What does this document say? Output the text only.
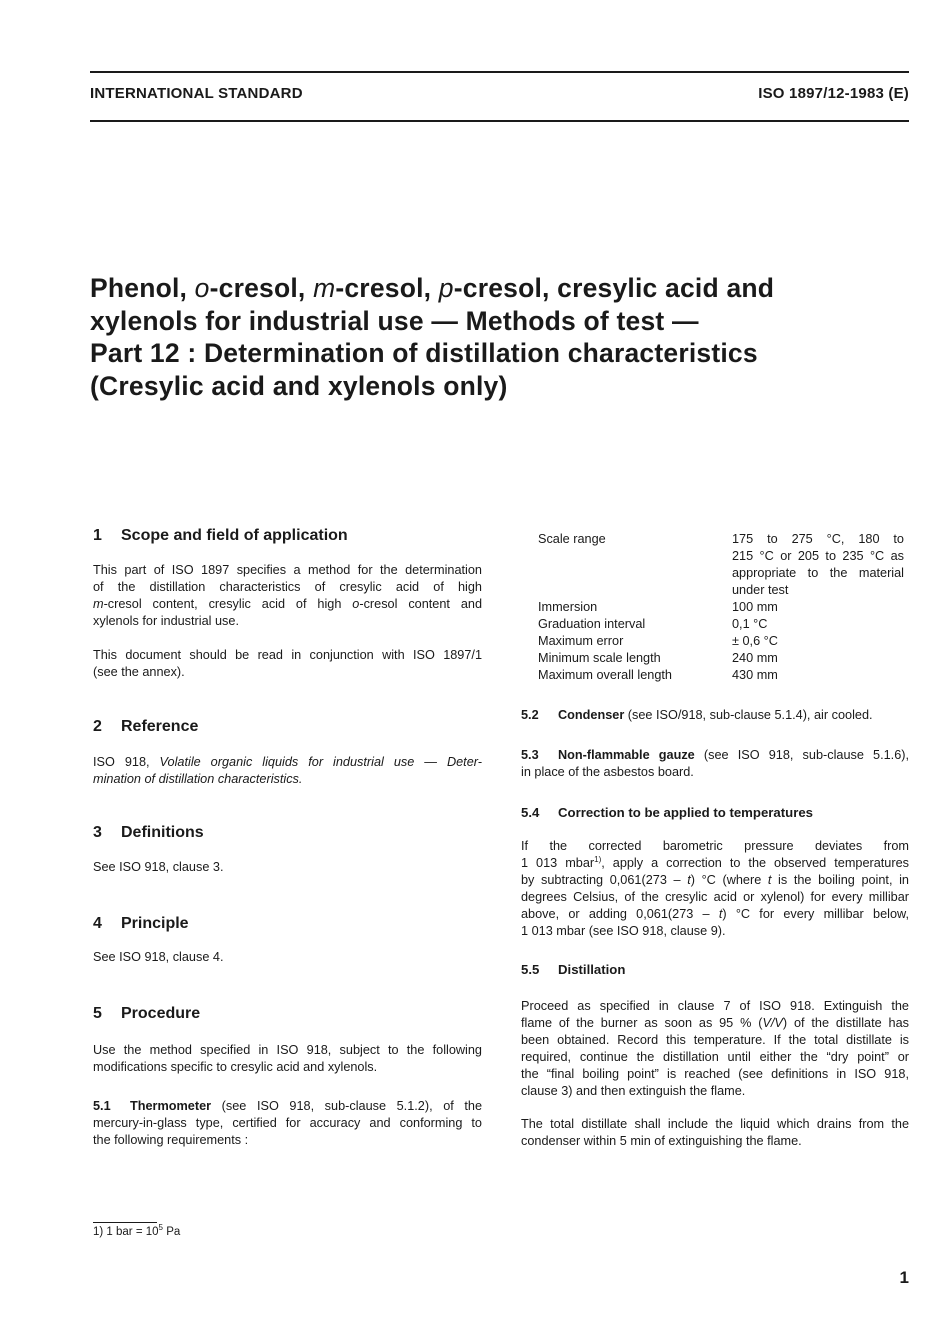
INTERNATIONAL STANDARD	ISO 1897/12-1983 (E)
Phenol, o-cresol, m-cresol, p-cresol, cresylic acid and
xylenols for industrial use — Methods of test —
Part 12 : Determination of distillation characteristics
(Cresylic acid and xylenols only)
1 Scope and field of application
This part of ISO 1897 specifies a method for the determination
of the distillation characteristics of cresylic acid of high
m-cresol content, cresylic acid of high o-cresol content and
xylenols for industrial use.
This document should be read in conjunction with ISO 1897/1
(see the annex).
2 Reference
ISO 918, Volatile organic liquids for industrial use — Deter-
mination of distillation characteristics.
3 Definitions
See ISO 918, clause 3.
4 Principle
See ISO 918, clause 4.
5 Procedure
Use the method specified in ISO 918, subject to the following
modifications specific to cresylic acid and xylenols.
5.1 Thermometer (see ISO 918, sub-clause 5.1.2), of the
mercury-in-glass type, certified for accuracy and conforming to
the following requirements :
1) 1 bar = $10^5$ Pa
Scale range	175 to 275 °C, 180 to
215 °C or 205 to 235 °C as
appropriate to the material
under test
Immersion	100 mm
Graduation interval	0,1 °C
Maximum error	± 0,6 °C
Minimum scale length	240 mm
Maximum overall length	430 mm
5.2 Condenser (see ISO/918, sub-clause 5.1.4), air cooled.
5.3 Non-flammable gauze (see ISO 918, sub-clause 5.1.6),
in place of the asbestos board.
5.4 Correction to be applied to temperatures
If the corrected barometric pressure deviates from
1 013 mbar$^{1)}$, apply a correction to the observed temperatures
by subtracting 0,061(273 – t) °C (where t is the boiling point, in
degrees Celsius, of the cresylic acid or xylenol) for every millibar
above, or adding 0,061(273 – t) °C for every millibar below,
1 013 mbar (see ISO 918, clause 9).
5.5 Distillation
Proceed as specified in clause 7 of ISO 918. Extinguish the
flame of the burner as soon as 95 % (V/V) of the distillate has
been obtained. Record this temperature. If the total distillate is
required, continue the distillation until either the “dry point” or
the “final boiling point” is reached (see definitions in ISO 918,
clause 3) and then extinguish the flame.
The total distillate shall include the liquid which drains from the
condenser within 5 min of extinguishing the flame.
1
